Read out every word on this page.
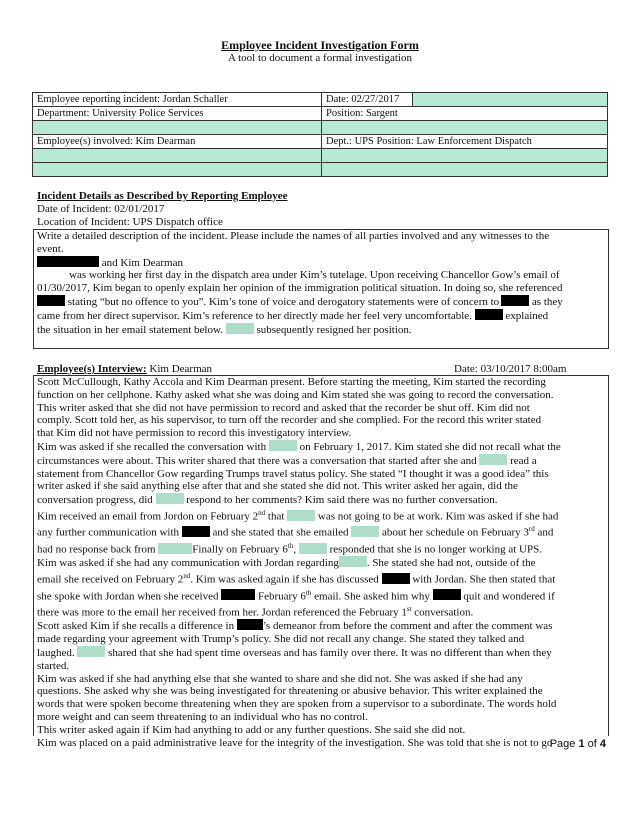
Employee Incident Investigation Form
A tool to document a formal investigation
Employee reporting incident: Jordan Schaller	Date: 02/27/2017	
Department: University Police Services	Position: Sargent	

Employee(s) involved: Kim Dearman	Dept.: UPS Position: Law Enforcement Dispatch	

Incident Details as Described by Reporting Employee
Date of Incident: 02/01/2017
Location of Incident: UPS Dispatch office
Write a detailed description of the incident. Please include the names of all parties involved and any witnesses to the
event.
and Kim Dearman
was working her first day in the dispatch area under Kim’s tutelage. Upon receiving Chancellor Gow’s email of
01/30/2017, Kim began to openly explain her opinion of the immigration political situation. In doing so, she referenced
stating “but no offence to you”. Kim’s tone of voice and derogatory statements were of concern to	as they
came from her direct supervisor. Kim’s reference to her directly made her feel very uncomfortable.	explained
the situation in her email statement below.	subsequently resigned her position.
Employee(s) Interview: Kim Dearman	Date: 03/10/2017 8:00am
Scott McCullough, Kathy Accola and Kim Dearman present. Before starting the meeting, Kim started the recording
function on her cellphone. Kathy asked what she was doing and Kim stated she was going to record the conversation.
This writer asked that she did not have permission to record and asked that the recorder be shut off. Kim did not
comply. Scott told her, as his supervisor, to turn off the recorder and she complied. For the record this writer stated
that Kim did not have permission to record this investigatory interview.
Kim was asked if she recalled the conversation with	on February 1, 2017. Kim stated she did not recall what the
circumstances were about. This writer shared that there was a conversation that started after she and	read a
statement from Chancellor Gow regarding Trumps travel status policy. She stated “I thought it was a good idea” this
writer asked if she said anything else after that and she stated she did not. This writer asked her again, did the
conversation progress, did	respond to her comments? Kim said there was no further conversation.
Kim received an email from Jordon on February 2nd that	was not going to be at work. Kim was asked if she had
any further communication with	and she stated that she emailed	about her schedule on February 3rd and
had no response back from	Finally on February 6th,	responded that she is no longer working at UPS.
Kim was asked if she had any communication with Jordan regarding	. She stated she had not, outside of the
email she received on February 2nd. Kim was asked again if she has discussed	with Jordan. She then stated that
she spoke with Jordan when she received	February 6th email. She asked him why	quit and wondered if
there was more to the email her received from her. Jordan referenced the February 1st conversation.
Scott asked Kim if she recalls a difference in	’s demeanor from before the comment and after the comment was
made regarding your agreement with Trump’s policy. She did not recall any change. She stated they talked and
laughed.	shared that she had spent time overseas and has family over there. It was no different than when they
started.
Kim was asked if she had anything else that she wanted to share and she did not. She was asked if she had any
questions. She asked why she was being investigated for threatening or abusive behavior. This writer explained the
words that were spoken become threatening when they are spoken from a supervisor to a subordinate. The words hold
more weight and can seem threatening to an individual who has no control.
This writer asked again if Kim had anything to add or any further questions. She said she did not.
Kim was placed on a paid administrative leave for the integrity of the investigation. She was told that she is not to go
Page 1 of 4
